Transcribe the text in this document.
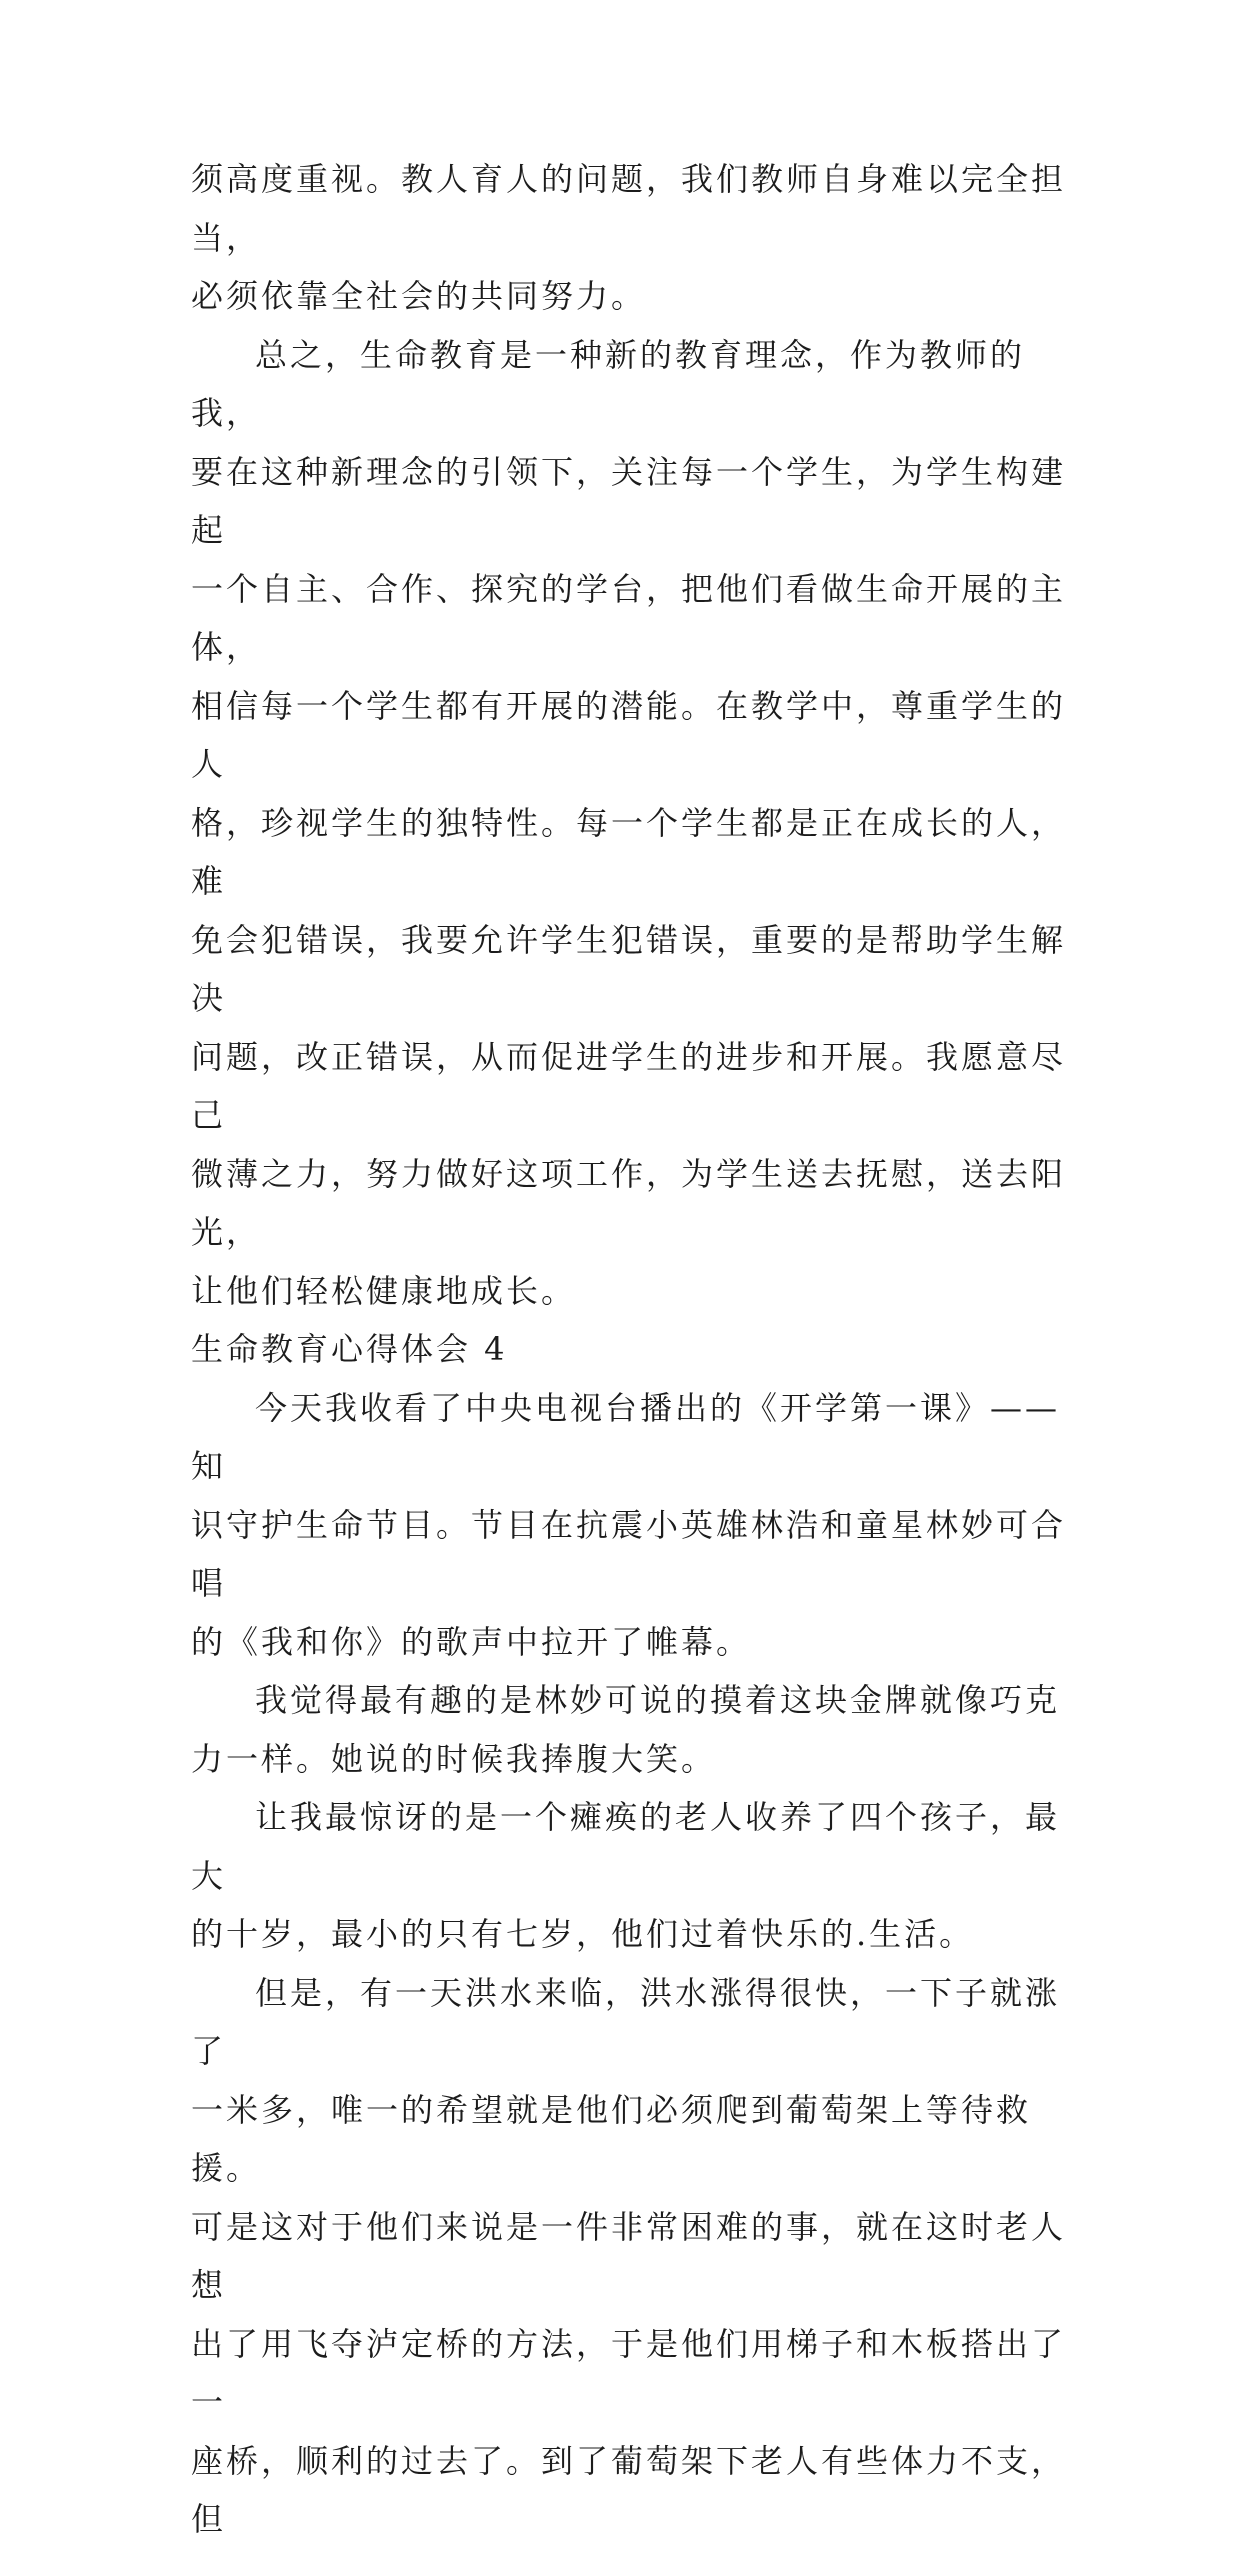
须高度重视。教人育人的问题，我们教师自身难以完全担当，
必须依靠全社会的共同努力。

总之，生命教育是一种新的教育理念，作为教师的我，
要在这种新理念的引领下，关注每一个学生，为学生构建起
一个自主、合作、探究的学台，把他们看做生命开展的主体，
相信每一个学生都有开展的潜能。在教学中，尊重学生的人
格，珍视学生的独特性。每一个学生都是正在成长的人，难
免会犯错误，我要允许学生犯错误，重要的是帮助学生解决
问题，改正错误，从而促进学生的进步和开展。我愿意尽己
微薄之力，努力做好这项工作，为学生送去抚慰，送去阳光，
让他们轻松健康地成长。

生命教育心得体会 4

今天我收看了中央电视台播出的《开学第一课》——知
识守护生命节目。节目在抗震小英雄林浩和童星林妙可合唱
的《我和你》的歌声中拉开了帷幕。

我觉得最有趣的是林妙可说的摸着这块金牌就像巧克
力一样。她说的时候我捧腹大笑。

让我最惊讶的是一个瘫痪的老人收养了四个孩子，最大
的十岁，最小的只有七岁，他们过着快乐的.生活。

但是，有一天洪水来临，洪水涨得很快，一下子就涨了
一米多，唯一的希望就是他们必须爬到葡萄架上等待救援。
可是这对于他们来说是一件非常困难的事，就在这时老人想
出了用飞夺泸定桥的方法，于是他们用梯子和木板搭出了一
座桥，顺利的过去了。到了葡萄架下老人有些体力不支，但
